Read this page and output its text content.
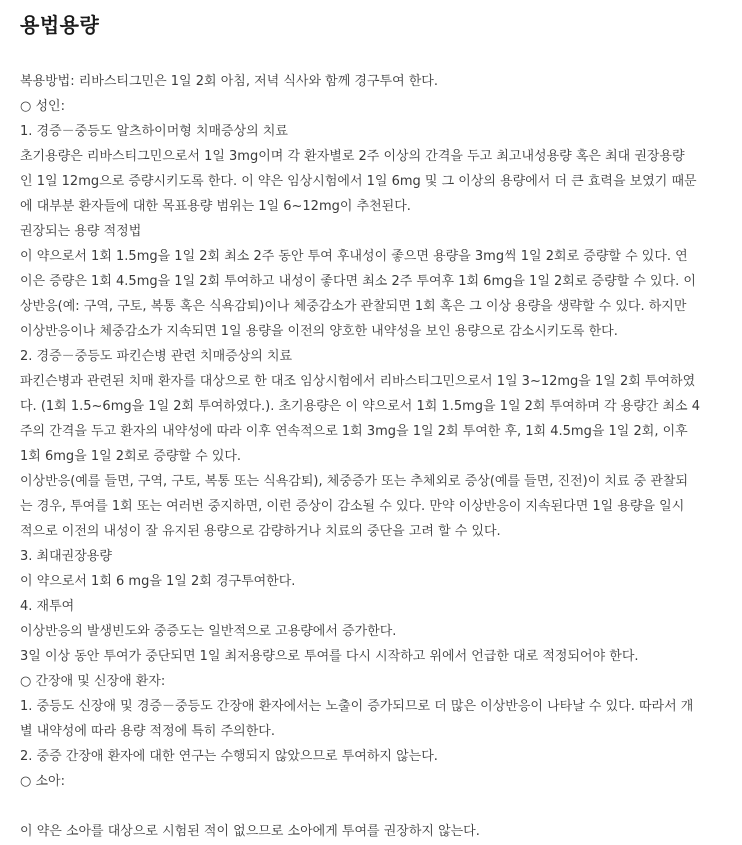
용법용량
복용방법: 리바스티그민은 1일 2회 아침, 저녁 식사와 함께 경구투여 한다.
○ 성인:
1. 경증－중등도 알츠하이머형 치매증상의 치료
초기용량은 리바스티그민으로서 1일 3mg이며 각 환자별로 2주 이상의 간격을 두고 최고내성용량 혹은 최대 권장용량
인 1일 12mg으로 증량시키도록 한다. 이 약은 임상시험에서 1일 6mg 및 그 이상의 용량에서 더 큰 효력을 보였기 때문
에 대부분 환자들에 대한 목표용량 범위는 1일 6~12mg이 추천된다.
권장되는 용량 적정법
이 약으로서 1회 1.5mg을 1일 2회 최소 2주 동안 투여 후내성이 좋으면 용량을 3mg씩 1일 2회로 증량할 수 있다. 연
이은 증량은 1회 4.5mg을 1일 2회 투여하고 내성이 좋다면 최소 2주 투여후 1회 6mg을 1일 2회로 증량할 수 있다. 이
상반응(예: 구역, 구토, 복통 혹은 식욕감퇴)이나 체중감소가 관찰되면 1회 혹은 그 이상 용량을 생략할 수 있다. 하지만
이상반응이나 체중감소가 지속되면 1일 용량을 이전의 양호한 내약성을 보인 용량으로 감소시키도록 한다.
2. 경증－중등도 파킨슨병 관련 치매증상의 치료
파킨슨병과 관련된 치매 환자를 대상으로 한 대조 임상시험에서 리바스티그민으로서 1일 3~12mg을 1일 2회 투여하였
다. (1회 1.5~6mg을 1일 2회 투여하였다.). 초기용량은 이 약으로서 1회 1.5mg을 1일 2회 투여하며 각 용량간 최소 4
주의 간격을 두고 환자의 내약성에 따라 이후 연속적으로 1회 3mg을 1일 2회 투여한 후, 1회 4.5mg을 1일 2회, 이후
1회 6mg을 1일 2회로 증량할 수 있다.
이상반응(예를 들면, 구역, 구토, 복통 또는 식욕감퇴), 체중증가 또는 추체외로 증상(예를 들면, 진전)이 치료 중 관찰되
는 경우, 투여를 1회 또는 여러번 중지하면, 이런 증상이 감소될 수 있다. 만약 이상반응이 지속된다면 1일 용량을 일시
적으로 이전의 내성이 잘 유지된 용량으로 감량하거나 치료의 중단을 고려 할 수 있다.
3. 최대권장용량
이 약으로서 1회 6 mg을 1일 2회 경구투여한다.
4. 재투여
이상반응의 발생빈도와 중증도는 일반적으로 고용량에서 증가한다.
3일 이상 동안 투여가 중단되면 1일 최저용량으로 투여를 다시 시작하고 위에서 언급한 대로 적정되어야 한다.
○ 간장애 및 신장애 환자:
1. 중등도 신장애 및 경증－중등도 간장애 환자에서는 노출이 증가되므로 더 많은 이상반응이 나타날 수 있다. 따라서 개
별 내약성에 따라 용량 적정에 특히 주의한다.
2. 중증 간장애 환자에 대한 연구는 수행되지 않았으므로 투여하지 않는다.
○ 소아:
이 약은 소아를 대상으로 시험된 적이 없으므로 소아에게 투여를 권장하지 않는다.
